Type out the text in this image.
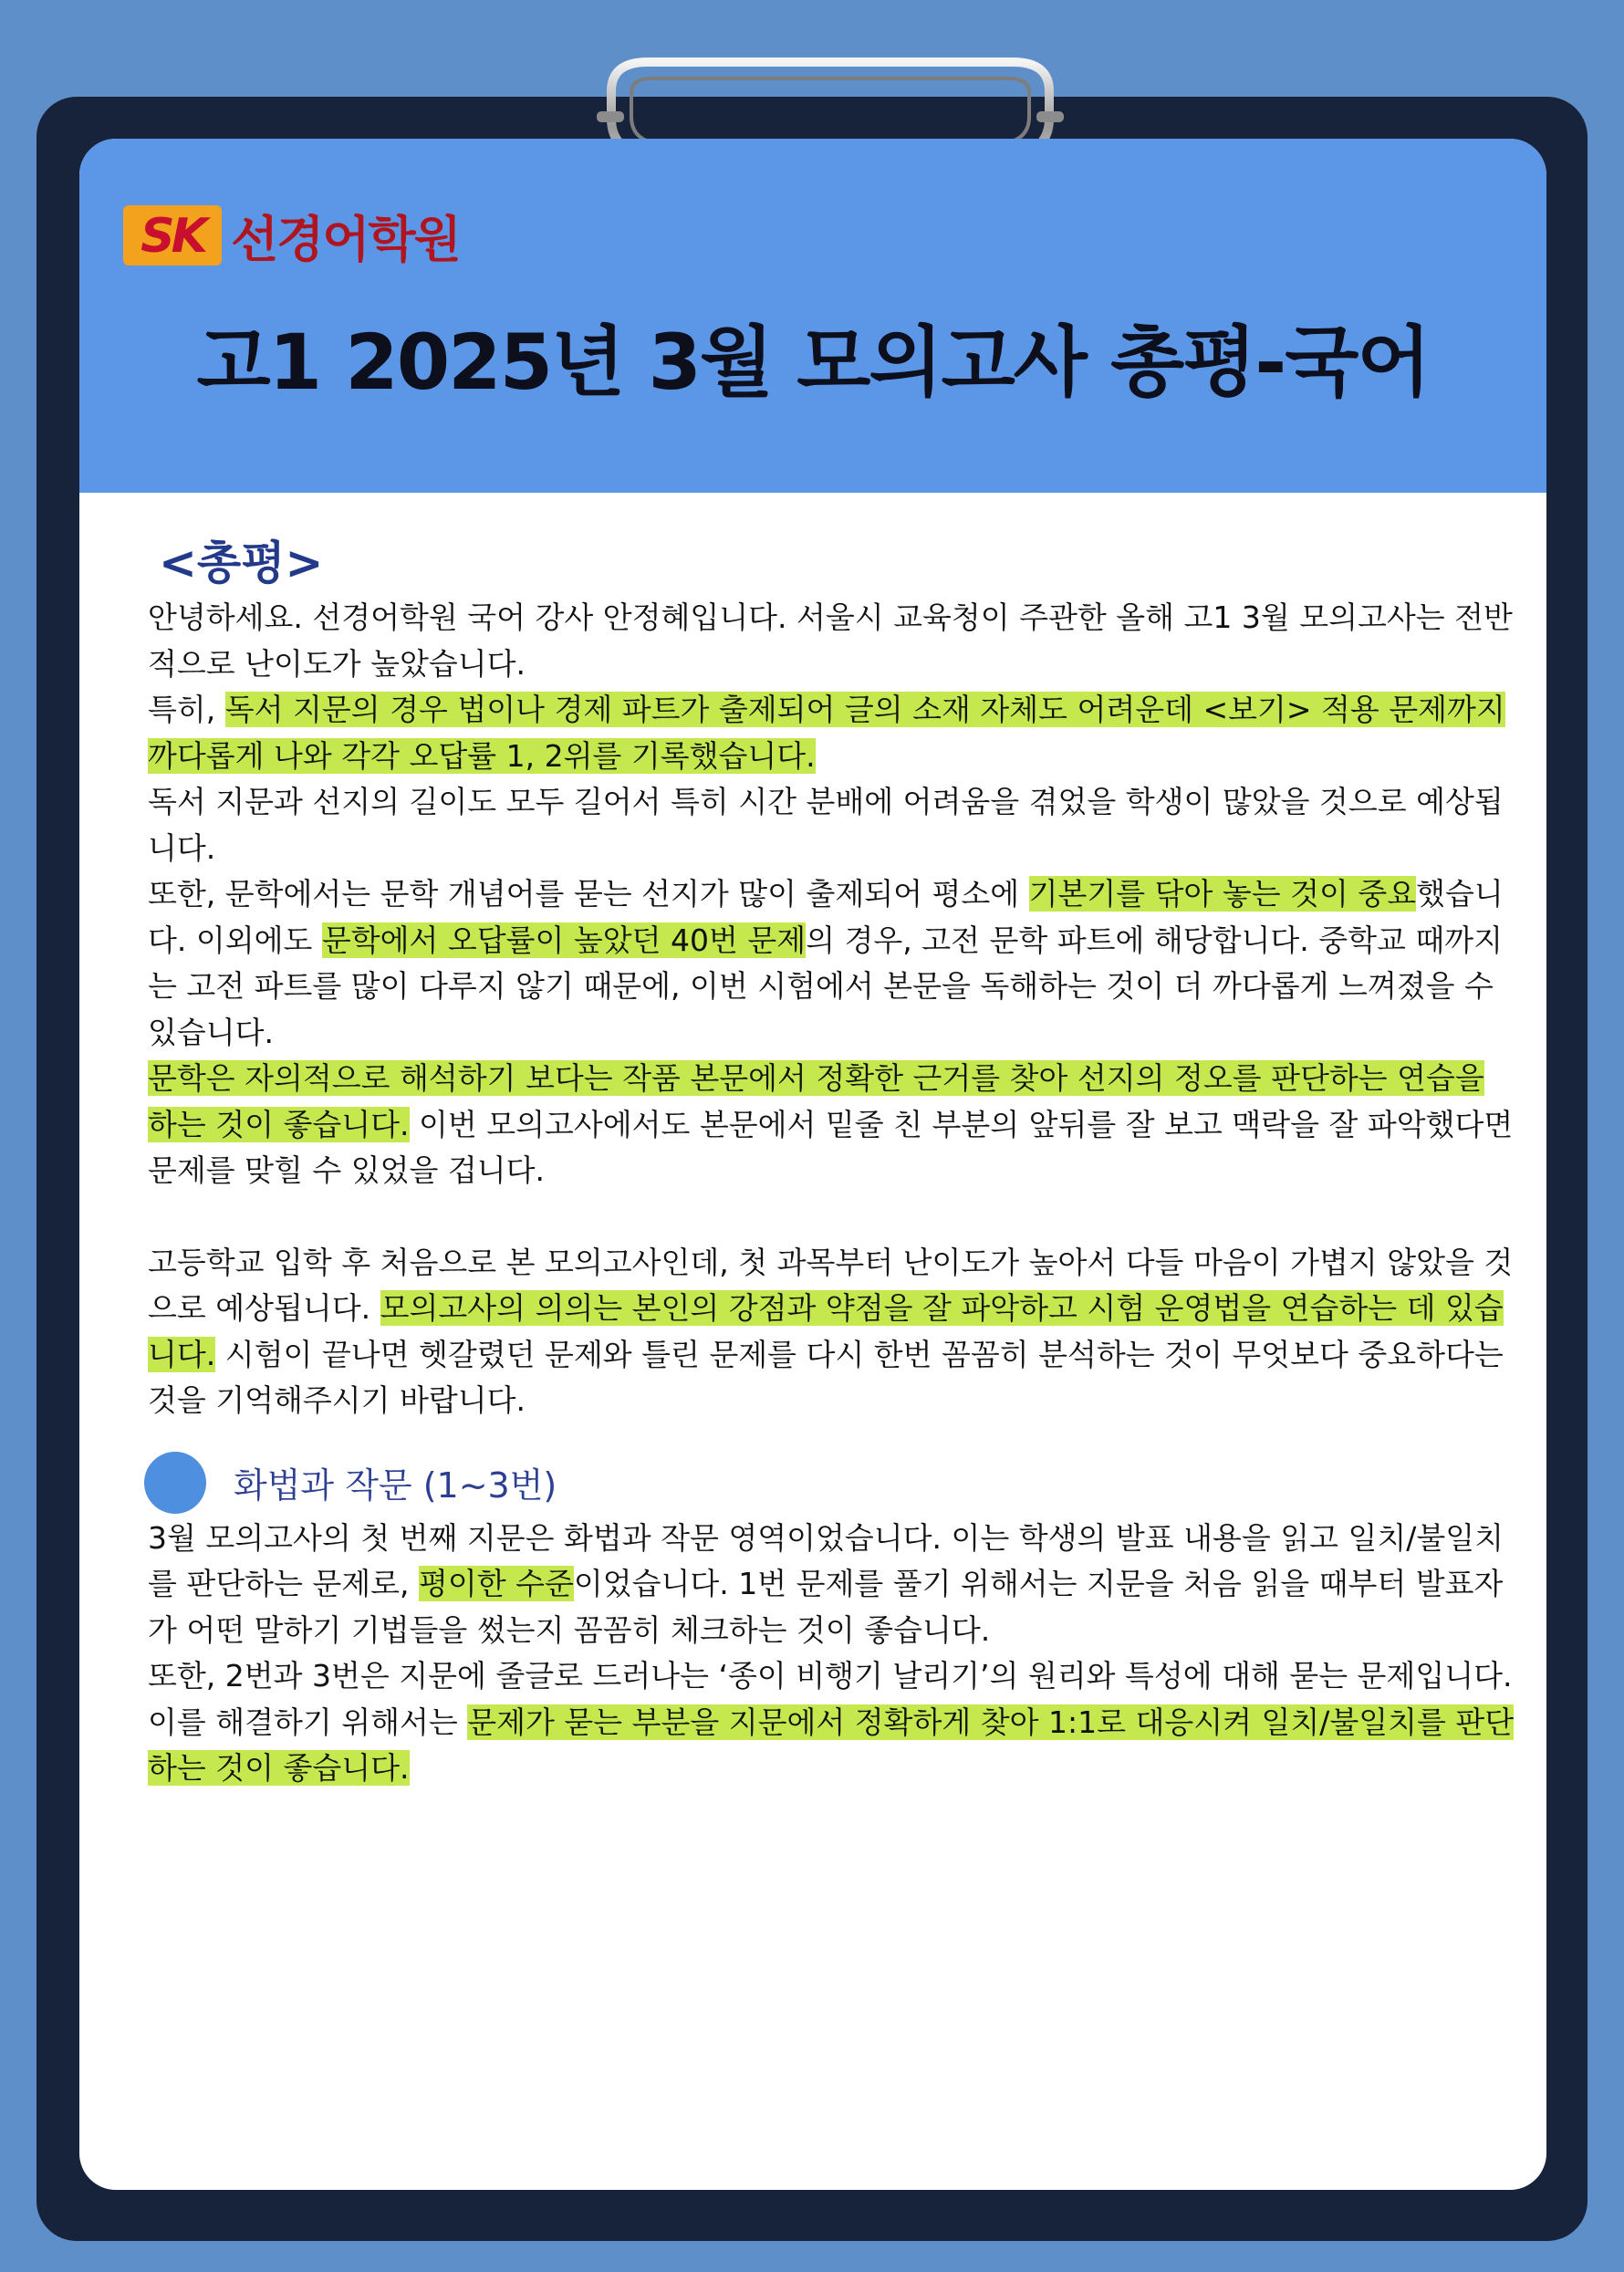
SK 선경어학원
고1 2025년 3월 모의고사 총평-국어
<총평>

안녕하세요. 선경어학원 국어 강사 안정혜입니다. 서울시 교육청이 주관한 올해 고1 3월 모의고사는 전반적으로 난이도가 높았습니다.

특히, 독서 지문의 경우 법이나 경제 파트가 출제되어 글의 소재 자체도 어려운데 <보기> 적용 문제까지 까다롭게 나와 각각 오답률 1, 2위를 기록했습니다.

독서 지문과 선지의 길이도 모두 길어서 특히 시간 분배에 어려움을 겪었을 학생이 많았을 것으로 예상됩니다.

또한, 문학에서는 문학 개념어를 묻는 선지가 많이 출제되어 평소에 기본기를 닦아 놓는 것이 중요했습니다. 이외에도 문학에서 오답률이 높았던 40번 문제의 경우, 고전 문학 파트에 해당합니다. 중학교 때까지는 고전 파트를 많이 다루지 않기 때문에, 이번 시험에서 본문을 독해하는 것이 더 까다롭게 느껴졌을 수 있습니다.

문학은 자의적으로 해석하기 보다는 작품 본문에서 정확한 근거를 찾아 선지의 정오를 판단하는 연습을 하는 것이 좋습니다. 이번 모의고사에서도 본문에서 밑줄 친 부분의 앞뒤를 잘 보고 맥락을 잘 파악했다면 문제를 맞힐 수 있었을 겁니다.

고등학교 입학 후 처음으로 본 모의고사인데, 첫 과목부터 난이도가 높아서 다들 마음이 가볍지 않았을 것으로 예상됩니다. 모의고사의 의의는 본인의 강점과 약점을 잘 파악하고 시험 운영법을 연습하는 데 있습니다. 시험이 끝나면 헷갈렸던 문제와 틀린 문제를 다시 한번 꼼꼼히 분석하는 것이 무엇보다 중요하다는 것을 기억해주시기 바랍니다.

화법과 작문 (1~3번)

3월 모의고사의 첫 번째 지문은 화법과 작문 영역이었습니다. 이는 학생의 발표 내용을 읽고 일치/불일치를 판단하는 문제로, 평이한 수준이었습니다. 1번 문제를 풀기 위해서는 지문을 처음 읽을 때부터 발표자가 어떤 말하기 기법들을 썼는지 꼼꼼히 체크하는 것이 좋습니다.

또한, 2번과 3번은 지문에 줄글로 드러나는 ‘종이 비행기 날리기’의 원리와 특성에 대해 묻는 문제입니다. 이를 해결하기 위해서는 문제가 묻는 부분을 지문에서 정확하게 찾아 1:1로 대응시켜 일치/불일치를 판단하는 것이 좋습니다.
